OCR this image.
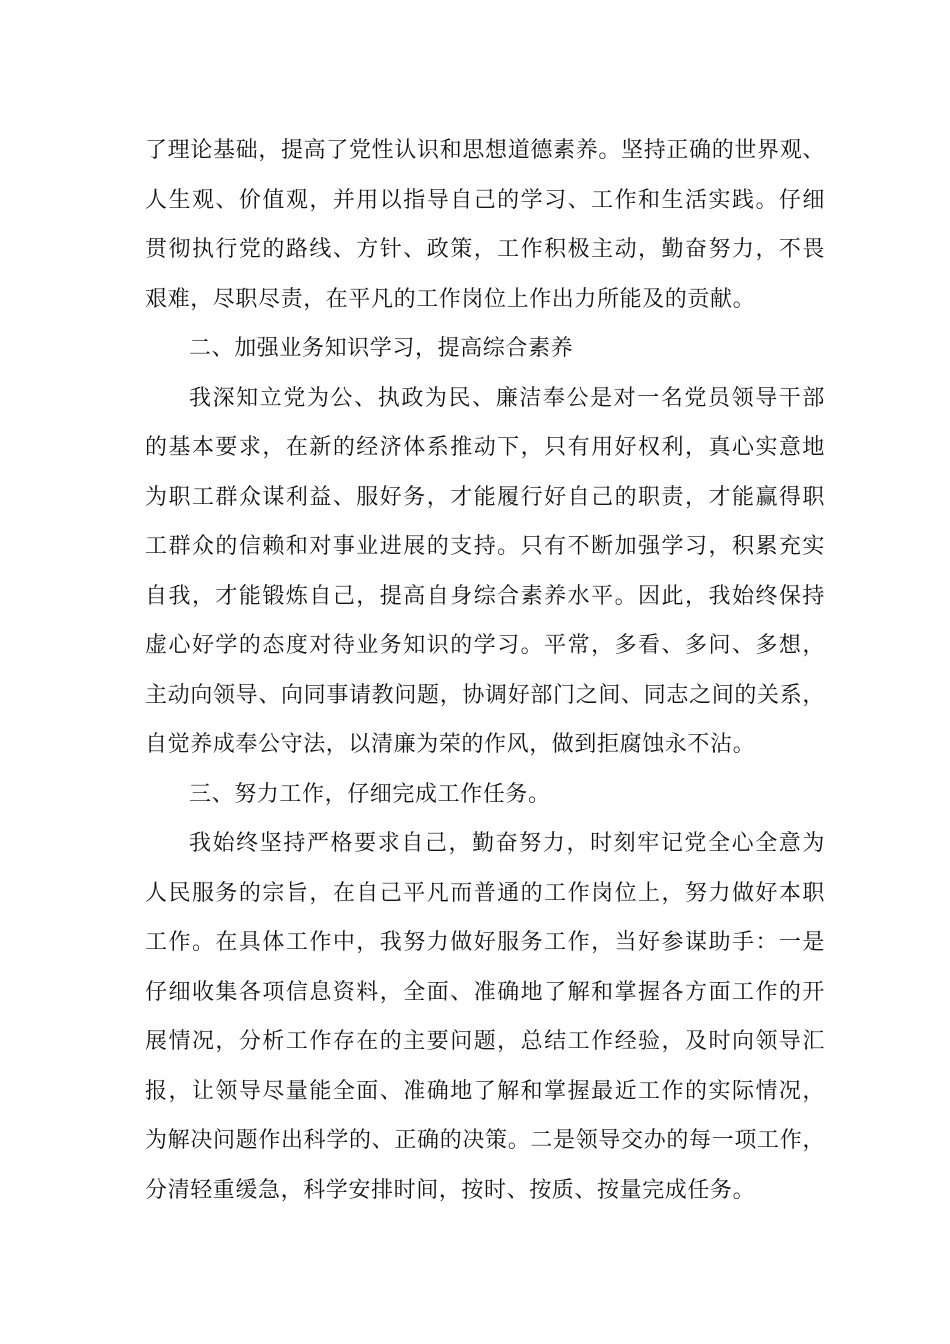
了理论基础，提高了党性认识和思想道德素养。坚持正确的世界观、
人生观、价值观，并用以指导自己的学习、工作和生活实践。仔细
贯彻执行党的路线、方针、政策，工作积极主动，勤奋努力，不畏
艰难，尽职尽责，在平凡的工作岗位上作出力所能及的贡献。
二、加强业务知识学习，提高综合素养
我深知立党为公、执政为民、廉洁奉公是对一名党员领导干部
的基本要求，在新的经济体系推动下，只有用好权利，真心实意地
为职工群众谋利益、服好务，才能履行好自己的职责，才能赢得职
工群众的信赖和对事业进展的支持。只有不断加强学习，积累充实
自我，才能锻炼自己，提高自身综合素养水平。因此，我始终保持
虚心好学的态度对待业务知识的学习。平常，多看、多问、多想，
主动向领导、向同事请教问题，协调好部门之间、同志之间的关系，
自觉养成奉公守法，以清廉为荣的作风，做到拒腐蚀永不沾。
三、努力工作，仔细完成工作任务。
我始终坚持严格要求自己，勤奋努力，时刻牢记党全心全意为
人民服务的宗旨，在自己平凡而普通的工作岗位上，努力做好本职
工作。在具体工作中，我努力做好服务工作，当好参谋助手：一是
仔细收集各项信息资料，全面、准确地了解和掌握各方面工作的开
展情况，分析工作存在的主要问题，总结工作经验，及时向领导汇
报，让领导尽量能全面、准确地了解和掌握最近工作的实际情况，
为解决问题作出科学的、正确的决策。二是领导交办的每一项工作，
分清轻重缓急，科学安排时间，按时、按质、按量完成任务。
